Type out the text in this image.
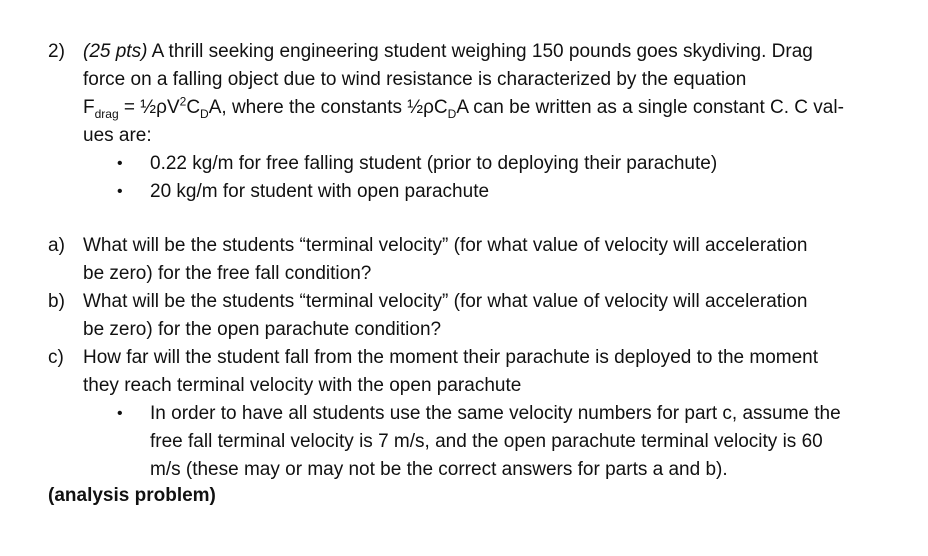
2) (25 pts) A thrill seeking engineering student weighing 150 pounds goes skydiving. Drag
force on a falling object due to wind resistance is characterized by the equation
$F_{drag}$ = $\frac{1}{2}\rho V^2C_DA$, where the constants $\frac{1}{2}\rho C_DA$ can be written as a single constant C. C val-
ues are:
• 0.22 kg/m for free falling student (prior to deploying their parachute)
• 20 kg/m for student with open parachute
a) What will be the students “terminal velocity” (for what value of velocity will acceleration
be zero) for the free fall condition?
b) What will be the students “terminal velocity” (for what value of velocity will acceleration
be zero) for the open parachute condition?
c) How far will the student fall from the moment their parachute is deployed to the moment
they reach terminal velocity with the open parachute
• In order to have all students use the same velocity numbers for part c, assume the
free fall terminal velocity is 7 m/s, and the open parachute terminal velocity is 60
m/s (these may or may not be the correct answers for parts a and b).
(analysis problem)
